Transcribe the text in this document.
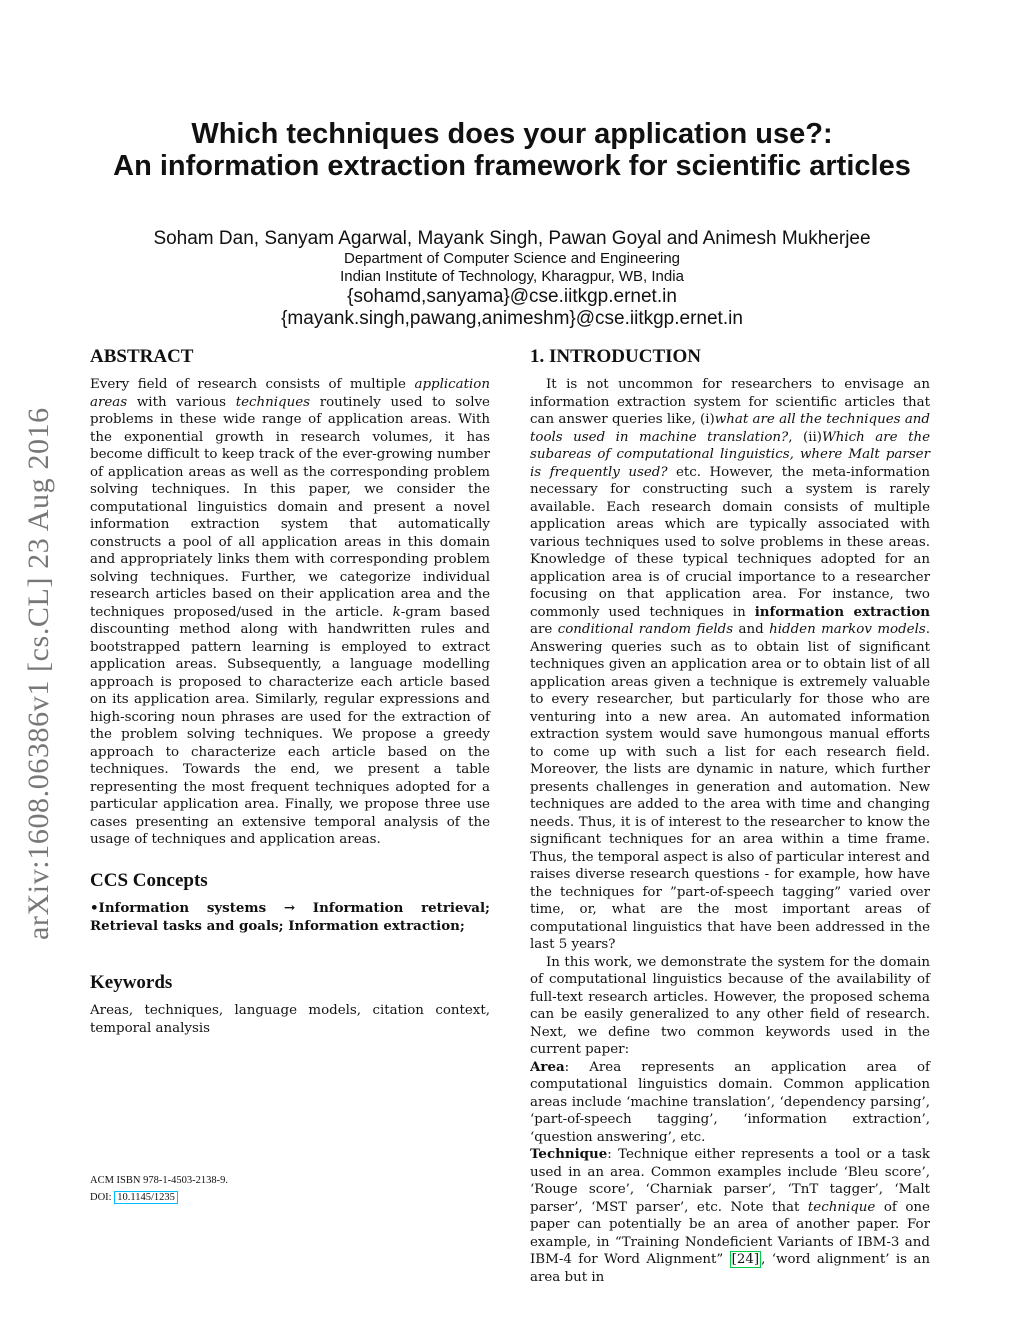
arXiv:1608.06386v1 [cs.CL] 23 Aug 2016
Which techniques does your application use?:
An information extraction framework for scientific articles
Soham Dan, Sanyam Agarwal, Mayank Singh, Pawan Goyal and Animesh Mukherjee
Department of Computer Science and Engineering
Indian Institute of Technology, Kharagpur, WB, India
{sohamd,sanyama}@cse.iitkgp.ernet.in
{mayank.singh,pawang,animeshm}@cse.iitkgp.ernet.in
ABSTRACT

Every field of research consists of multiple application areas with various techniques routinely used to solve problems in these wide range of application areas. With the exponential growth in research volumes, it has become difficult to keep track of the ever-growing number of application areas as well as the corresponding problem solving techniques. In this paper, we consider the computational linguistics domain and present a novel information extraction system that automatically constructs a pool of all application areas in this domain and appropriately links them with corresponding problem solving techniques. Further, we categorize individual research articles based on their application area and the techniques proposed/used in the article. k-gram based discounting method along with handwritten rules and bootstrapped pattern learning is employed to extract application areas. Subsequently, a language modelling approach is proposed to characterize each article based on its application area. Similarly, regular expressions and high-scoring noun phrases are used for the extraction of the problem solving techniques. We propose a greedy approach to characterize each article based on the techniques. Towards the end, we present a table representing the most frequent techniques adopted for a particular application area. Finally, we propose three use cases presenting an extensive temporal analysis of the usage of techniques and application areas.

CCS Concepts

•Information systems → Information retrieval; Retrieval tasks and goals; Information extraction;

Keywords

Areas, techniques, language models, citation context, temporal analysis

ACM ISBN 978-1-4503-2138-9.
DOI: 10.1145/1235
1. INTRODUCTION

It is not uncommon for researchers to envisage an information extraction system for scientific articles that can answer queries like, (i)what are all the techniques and tools used in machine translation?, (ii)Which are the subareas of computational linguistics, where Malt parser is frequently used? etc. However, the meta-information necessary for constructing such a system is rarely available. Each research domain consists of multiple application areas which are typically associated with various techniques used to solve problems in these areas. Knowledge of these typical techniques adopted for an application area is of crucial importance to a researcher focusing on that application area. For instance, two commonly used techniques in information extraction are conditional random fields and hidden markov models. Answering queries such as to obtain list of significant techniques given an application area or to obtain list of all application areas given a technique is extremely valuable to every researcher, but particularly for those who are venturing into a new area. An automated information extraction system would save humongous manual efforts to come up with such a list for each research field. Moreover, the lists are dynamic in nature, which further presents challenges in generation and automation. New techniques are added to the area with time and changing needs. Thus, it is of interest to the researcher to know the significant techniques for an area within a time frame. Thus, the temporal aspect is also of particular interest and raises diverse research questions - for example, how have the techniques for ”part-of-speech tagging” varied over time, or, what are the most important areas of computational linguistics that have been addressed in the last 5 years?

In this work, we demonstrate the system for the domain of computational linguistics because of the availability of full-text research articles. However, the proposed schema can be easily generalized to any other field of research. Next, we define two common keywords used in the current paper:

Area: Area represents an application area of computational linguistics domain. Common application areas include ‘machine translation’, ‘dependency parsing’, ‘part-of-speech tagging’, ‘information extraction’, ‘question answering’, etc.

Technique: Technique either represents a tool or a task used in an area. Common examples include ‘Bleu score’, ‘Rouge score’, ‘Charniak parser’, ‘TnT tagger’, ‘Malt parser’, ‘MST parser’, etc. Note that technique of one paper can potentially be an area of another paper. For example, in “Training Nondeficient Variants of IBM-3 and IBM-4 for Word Alignment” [24] , ‘word alignment’ is an area but in
